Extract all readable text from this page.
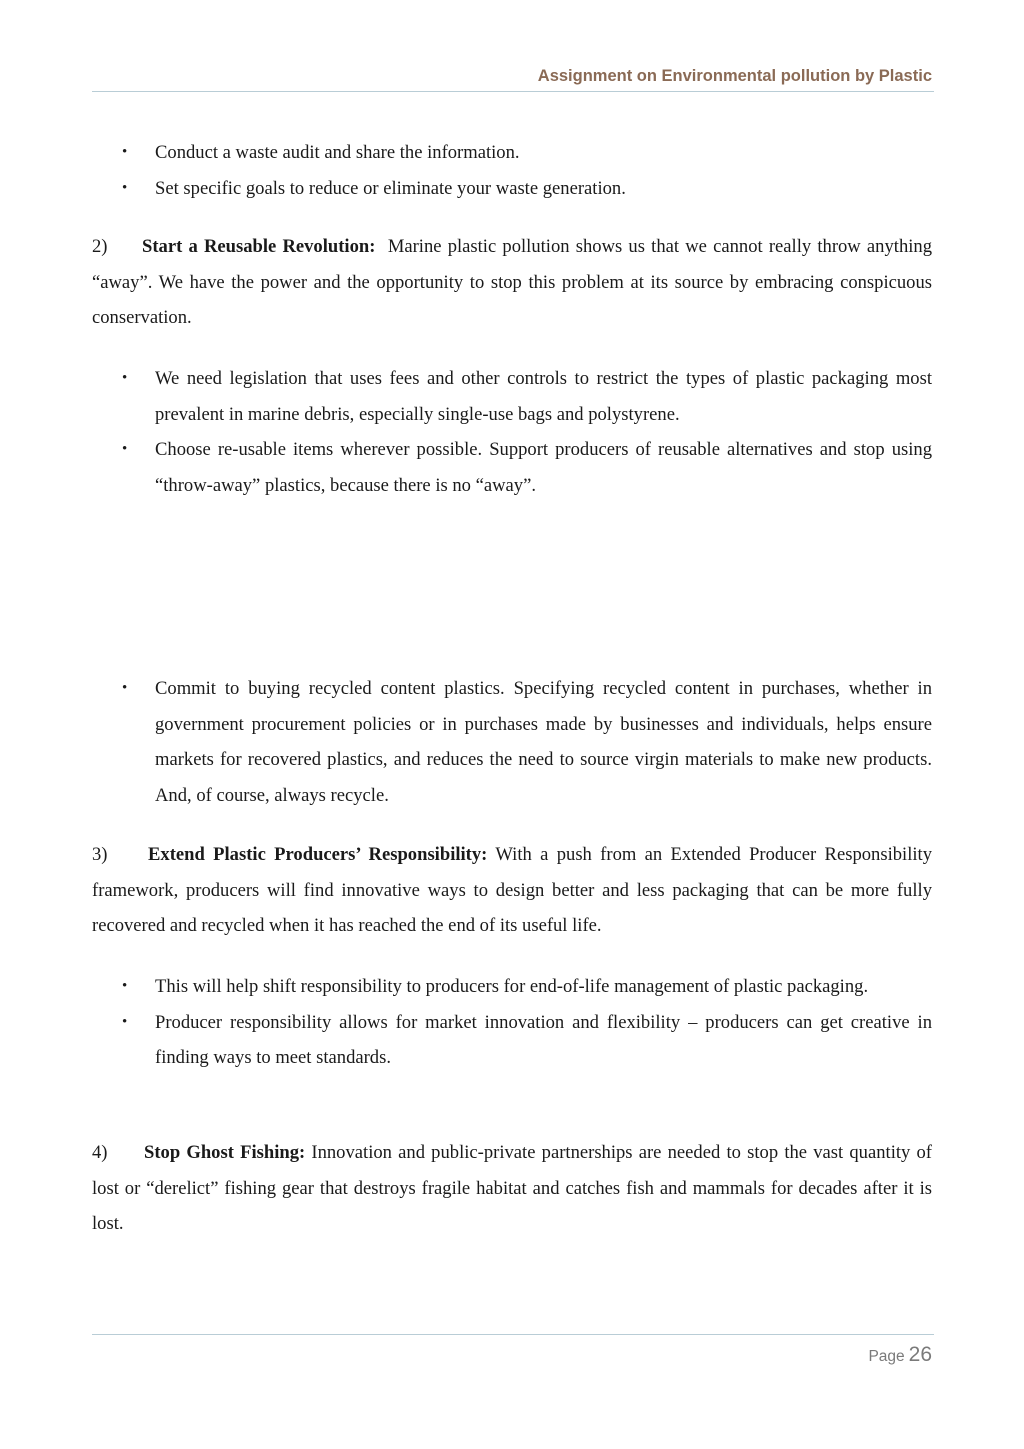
Assignment on Environmental pollution by Plastic
• Conduct a waste audit and share the information.
• Set specific goals to reduce or eliminate your waste generation.

2) Start a Reusable Revolution: Marine plastic pollution shows us that we cannot really throw anything “away”. We have the power and the opportunity to stop this problem at its source by embracing conspicuous conservation.

• We need legislation that uses fees and other controls to restrict the types of plastic packaging most prevalent in marine debris, especially single-use bags and polystyrene.
• Choose re-usable items wherever possible. Support producers of reusable alternatives and stop using “throw-away” plastics, because there is no “away”.
• Commit to buying recycled content plastics. Specifying recycled content in purchases, whether in government procurement policies or in purchases made by businesses and individuals, helps ensure markets for recovered plastics, and reduces the need to source virgin materials to make new products. And, of course, always recycle.

3) Extend Plastic Producers’ Responsibility: With a push from an Extended Producer Responsibility framework, producers will find innovative ways to design better and less packaging that can be more fully recovered and recycled when it has reached the end of its useful life.

• This will help shift responsibility to producers for end-of-life management of plastic packaging.
• Producer responsibility allows for market innovation and flexibility – producers can get creative in finding ways to meet standards.

4) Stop Ghost Fishing: Innovation and public-private partnerships are needed to stop the vast quantity of lost or “derelict” fishing gear that destroys fragile habitat and catches fish and mammals for decades after it is lost.

Page 26
